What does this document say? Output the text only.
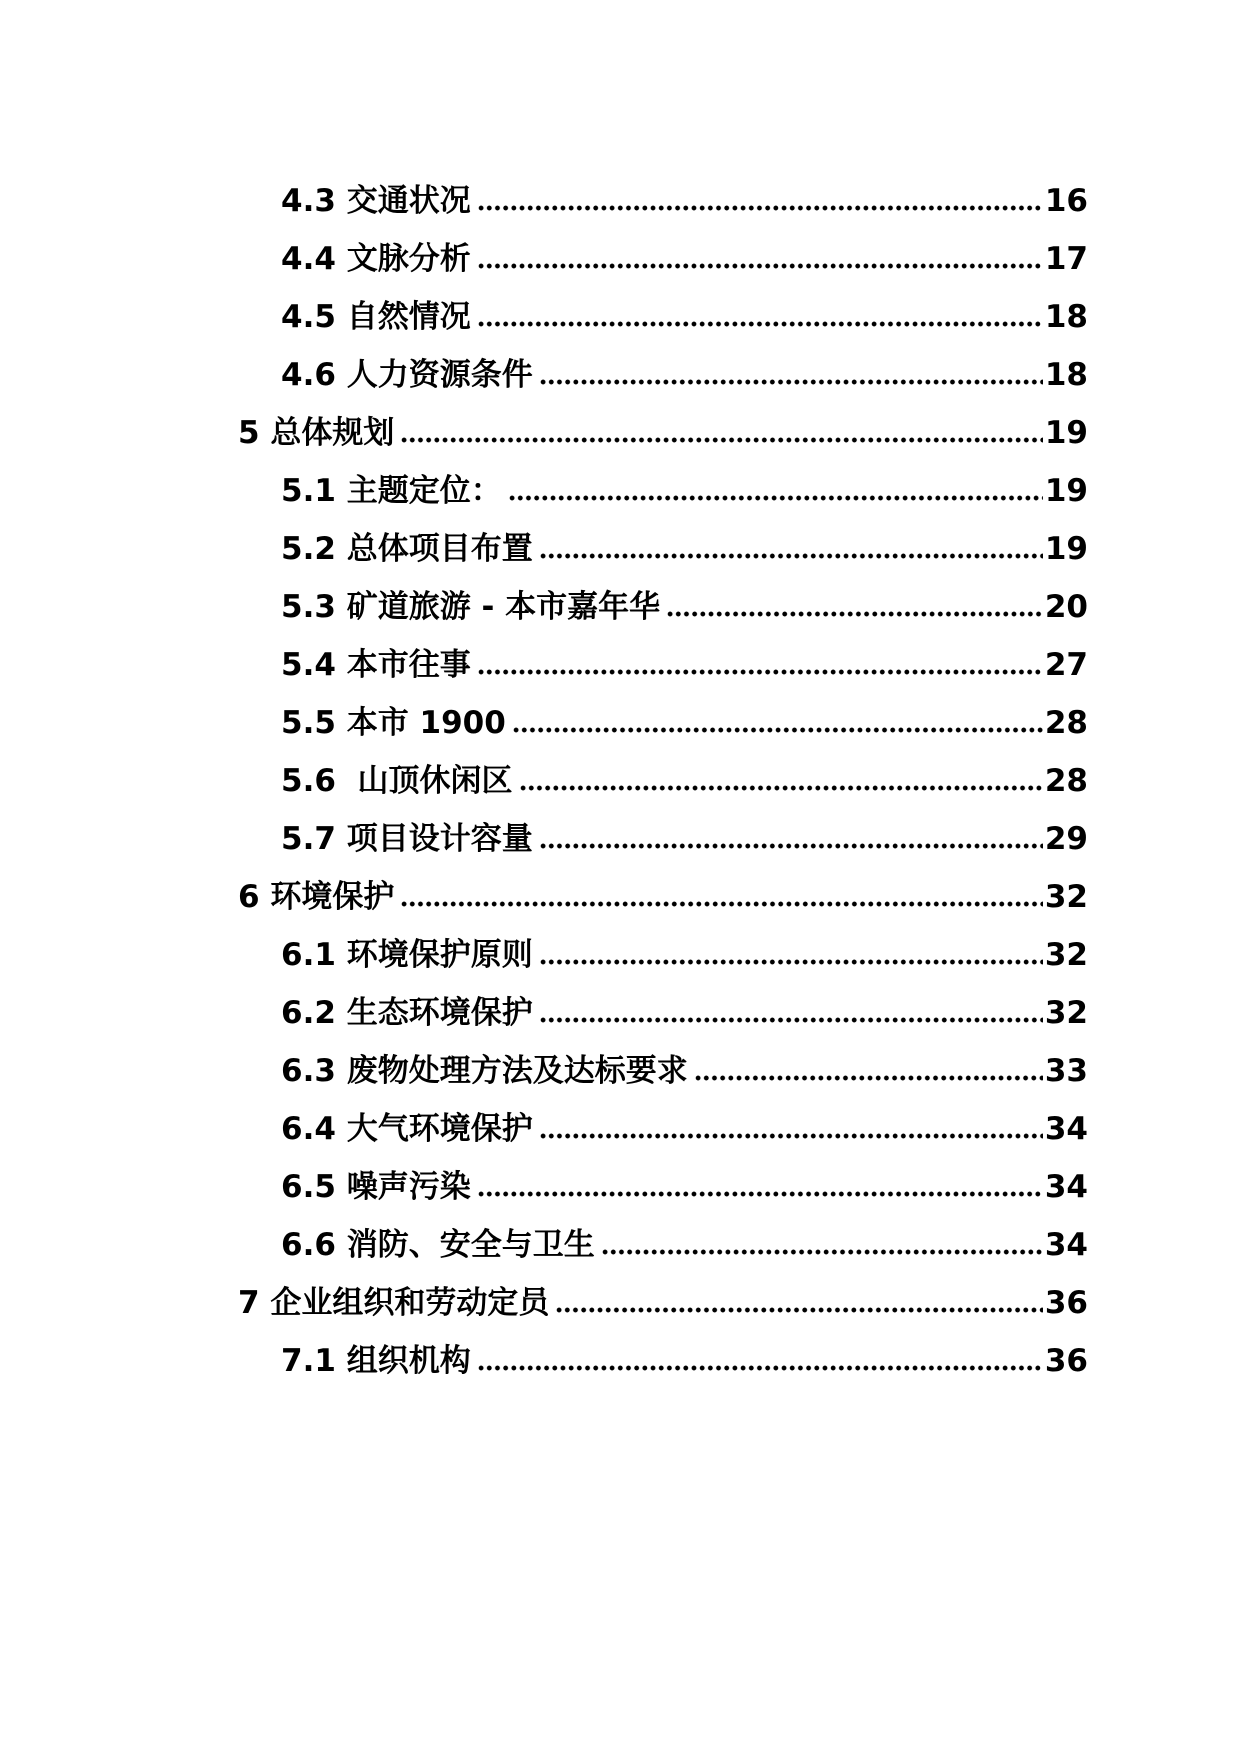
4.3 交通状况	16
4.4 文脉分析	17
4.5 自然情况	18
4.6 人力资源条件	18
5 总体规划	19
5.1 主题定位：	19
5.2 总体项目布置	19
5.3 矿道旅游 - 本市嘉年华	20
5.4 本市往事	27
5.5 本市 1900	28
5.6  山顶休闲区	28
5.7 项目设计容量	29
6 环境保护	32
6.1 环境保护原则	32
6.2 生态环境保护	32
6.3 废物处理方法及达标要求	33
6.4 大气环境保护	34
6.5 噪声污染	34
6.6 消防、安全与卫生	34
7 企业组织和劳动定员	36
7.1 组织机构	36
